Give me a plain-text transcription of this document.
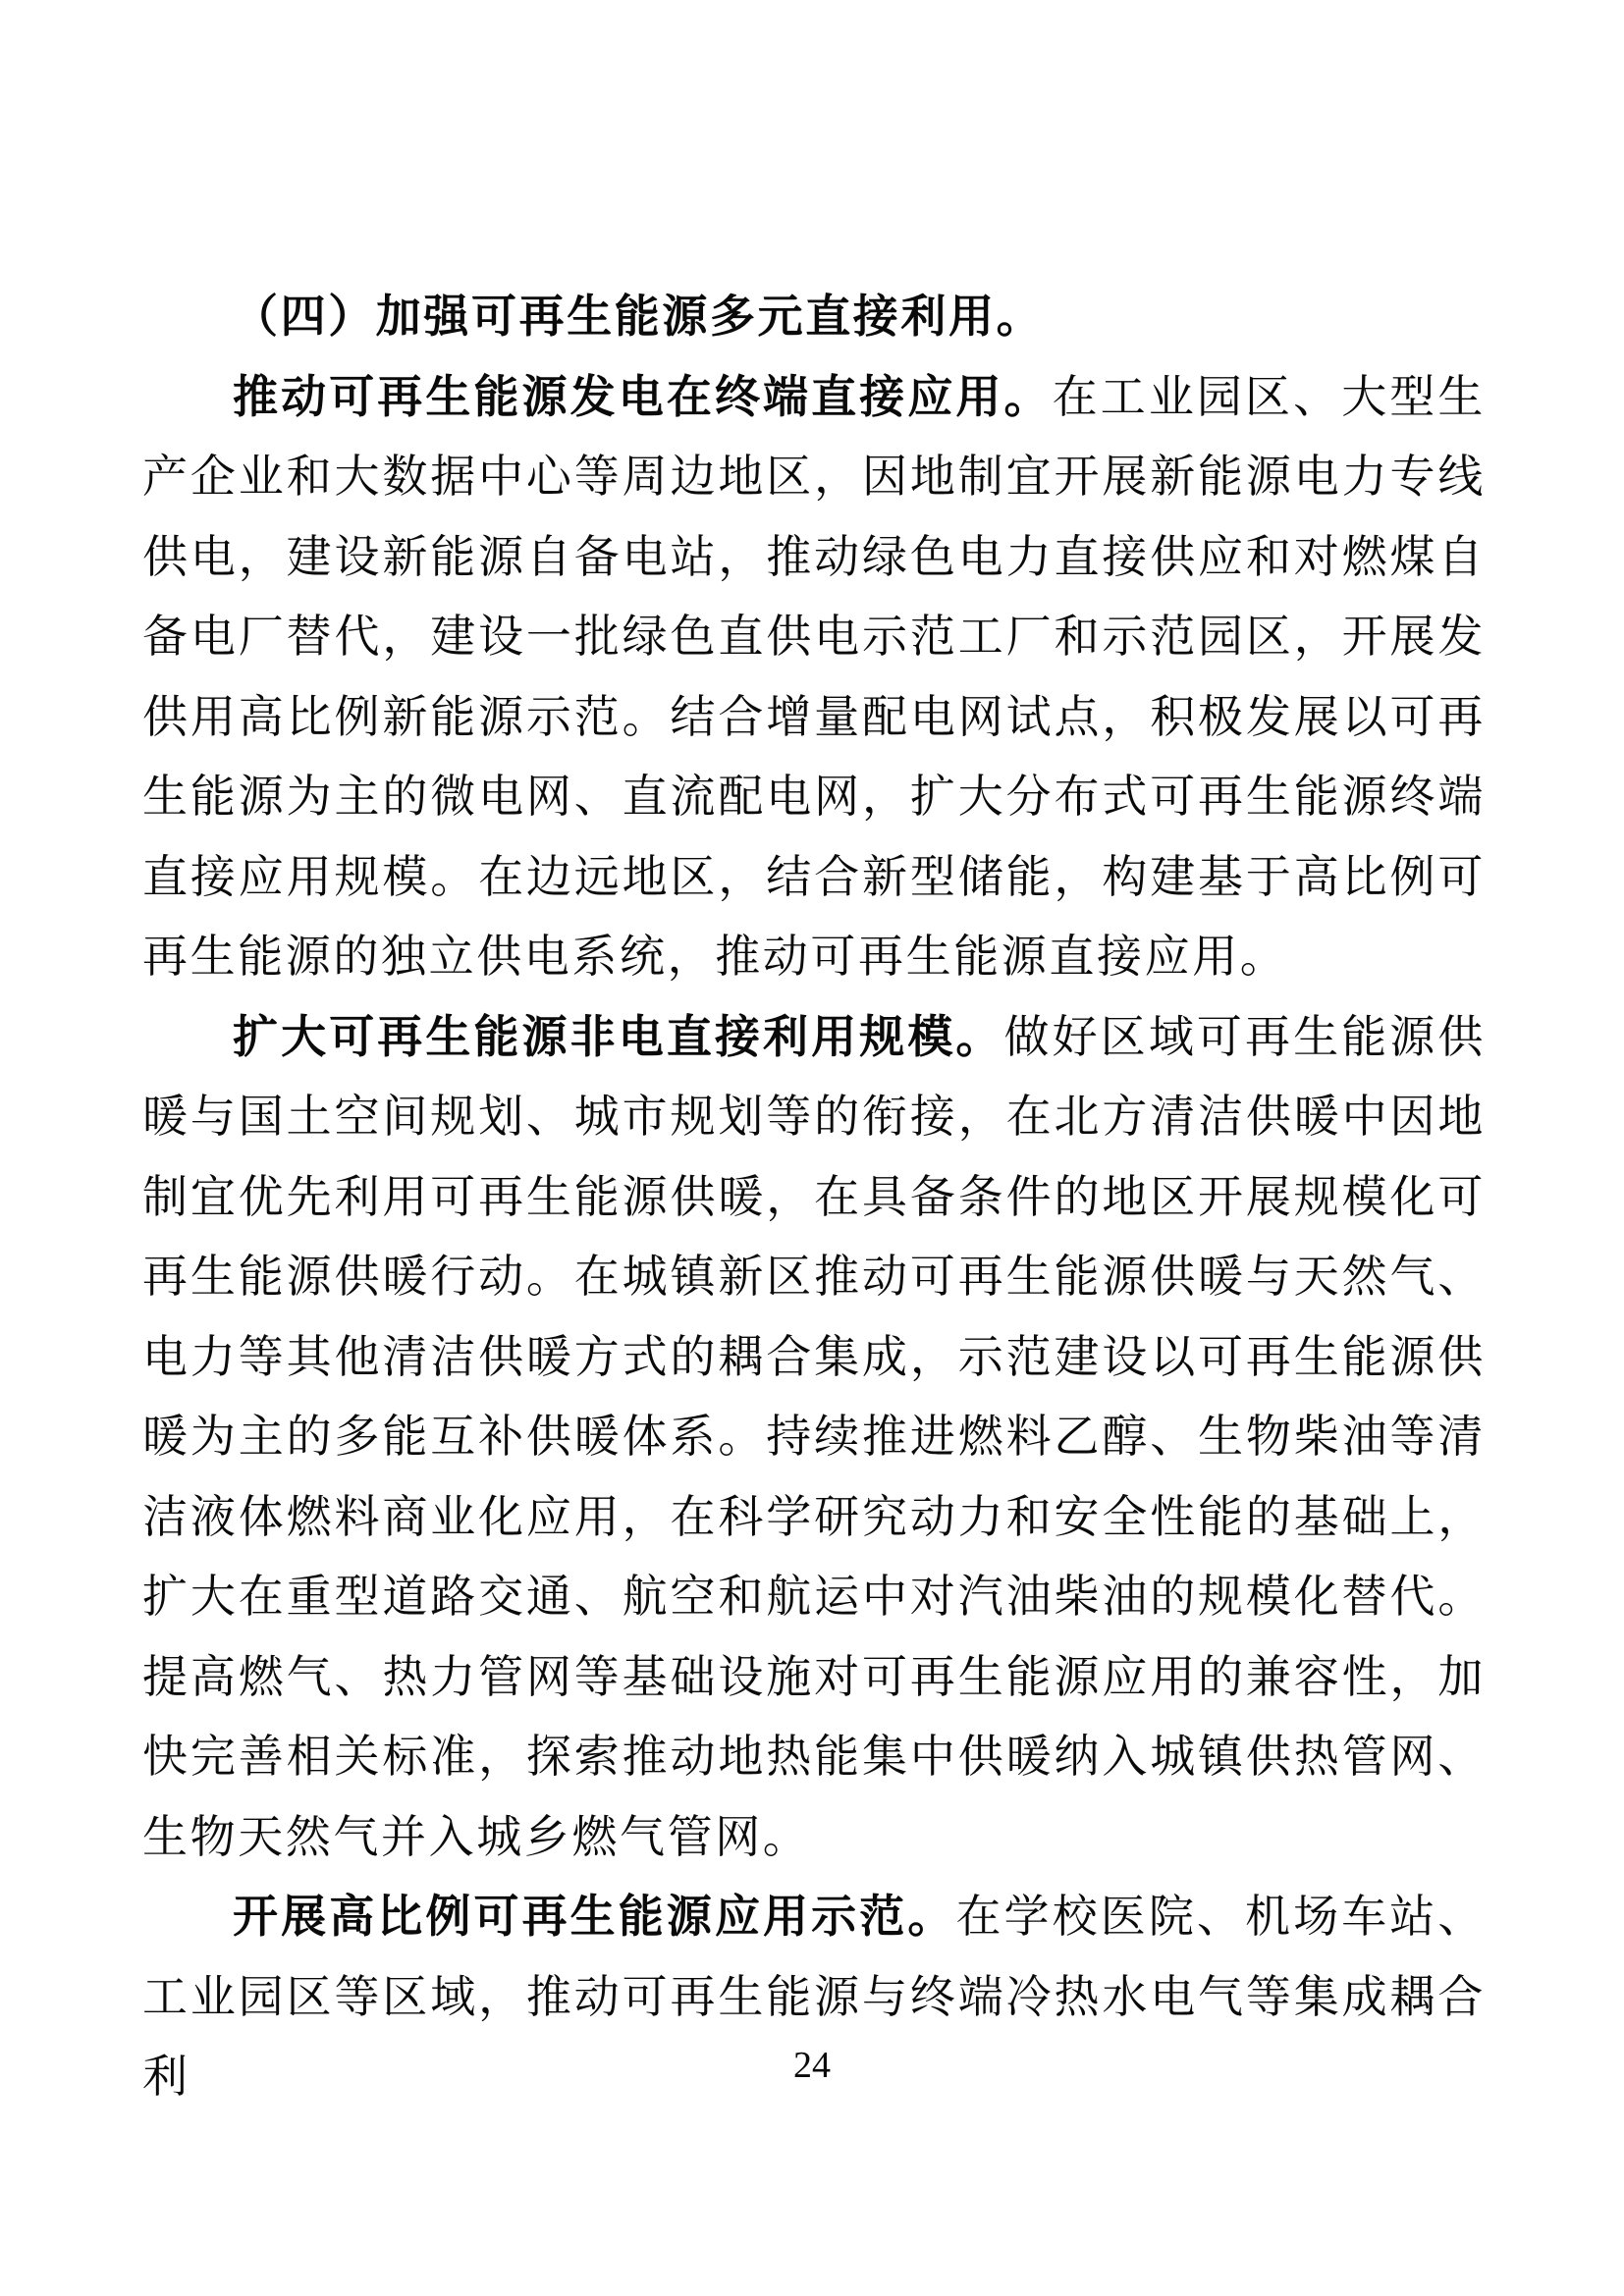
（四）加强可再生能源多元直接利用。

推动可再生能源发电在终端直接应用。在工业园区、大型生产企业和大数据中心等周边地区，因地制宜开展新能源电力专线供电，建设新能源自备电站，推动绿色电力直接供应和对燃煤自备电厂替代，建设一批绿色直供电示范工厂和示范园区，开展发供用高比例新能源示范。结合增量配电网试点，积极发展以可再生能源为主的微电网、直流配电网，扩大分布式可再生能源终端直接应用规模。在边远地区，结合新型储能，构建基于高比例可再生能源的独立供电系统，推动可再生能源直接应用。

扩大可再生能源非电直接利用规模。做好区域可再生能源供暖与国土空间规划、城市规划等的衔接，在北方清洁供暖中因地制宜优先利用可再生能源供暖，在具备条件的地区开展规模化可再生能源供暖行动。在城镇新区推动可再生能源供暖与天然气、电力等其他清洁供暖方式的耦合集成，示范建设以可再生能源供暖为主的多能互补供暖体系。持续推进燃料乙醇、生物柴油等清洁液体燃料商业化应用，在科学研究动力和安全性能的基础上，扩大在重型道路交通、航空和航运中对汽油柴油的规模化替代。提高燃气、热力管网等基础设施对可再生能源应用的兼容性，加快完善相关标准，探索推动地热能集中供暖纳入城镇供热管网、生物天然气并入城乡燃气管网。

开展高比例可再生能源应用示范。在学校医院、机场车站、工业园区等区域，推动可再生能源与终端冷热水电气等集成耦合利	24
